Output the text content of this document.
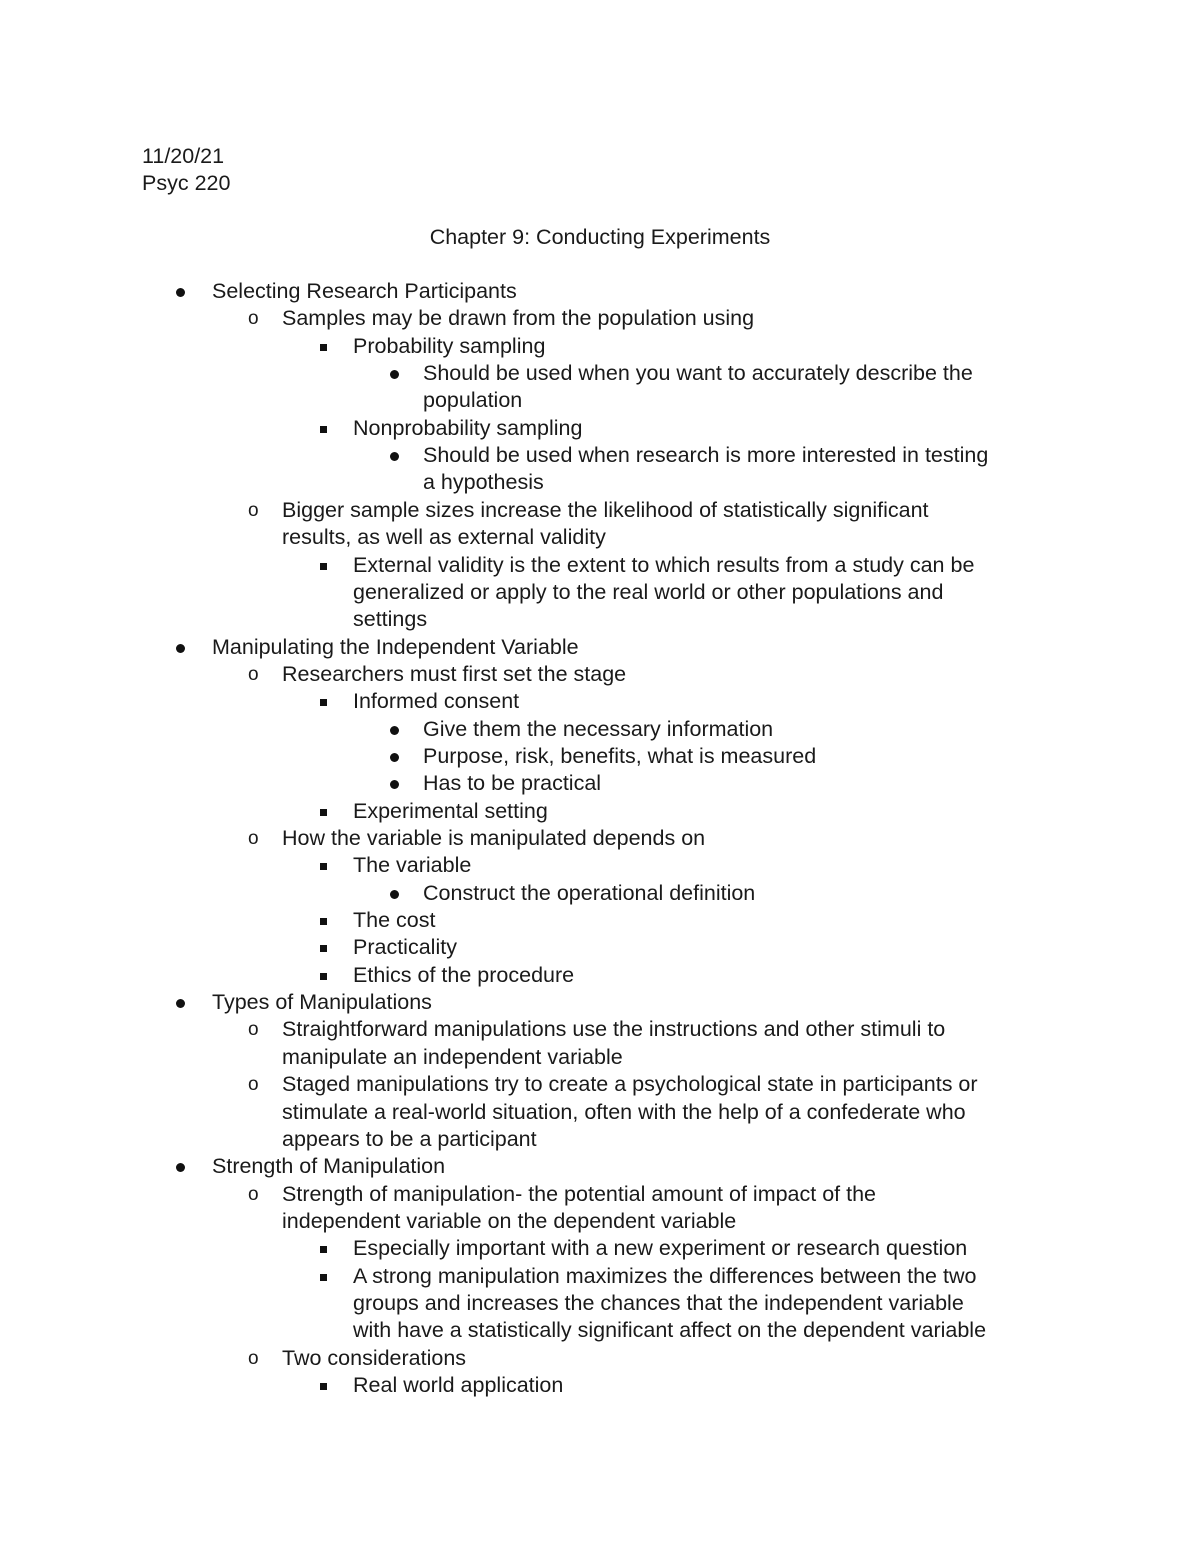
11/20/21
Psyc 220
Chapter 9: Conducting Experiments
Selecting Research Participants
o Samples may be drawn from the population using
Probability sampling
Should be used when you want to accurately describe the
population
Nonprobability sampling
Should be used when research is more interested in testing
a hypothesis
o Bigger sample sizes increase the likelihood of statistically significant
results, as well as external validity
External validity is the extent to which results from a study can be
generalized or apply to the real world or other populations and
settings
Manipulating the Independent Variable
o Researchers must first set the stage
Informed consent
Give them the necessary information
Purpose, risk, benefits, what is measured
Has to be practical
Experimental setting
o How the variable is manipulated depends on
The variable
Construct the operational definition
The cost
Practicality
Ethics of the procedure
Types of Manipulations
o Straightforward manipulations use the instructions and other stimuli to
manipulate an independent variable
o Staged manipulations try to create a psychological state in participants or
stimulate a real-world situation, often with the help of a confederate who
appears to be a participant
Strength of Manipulation
o Strength of manipulation- the potential amount of impact of the
independent variable on the dependent variable
Especially important with a new experiment or research question
A strong manipulation maximizes the differences between the two
groups and increases the chances that the independent variable
with have a statistically significant affect on the dependent variable
o Two considerations
Real world application
